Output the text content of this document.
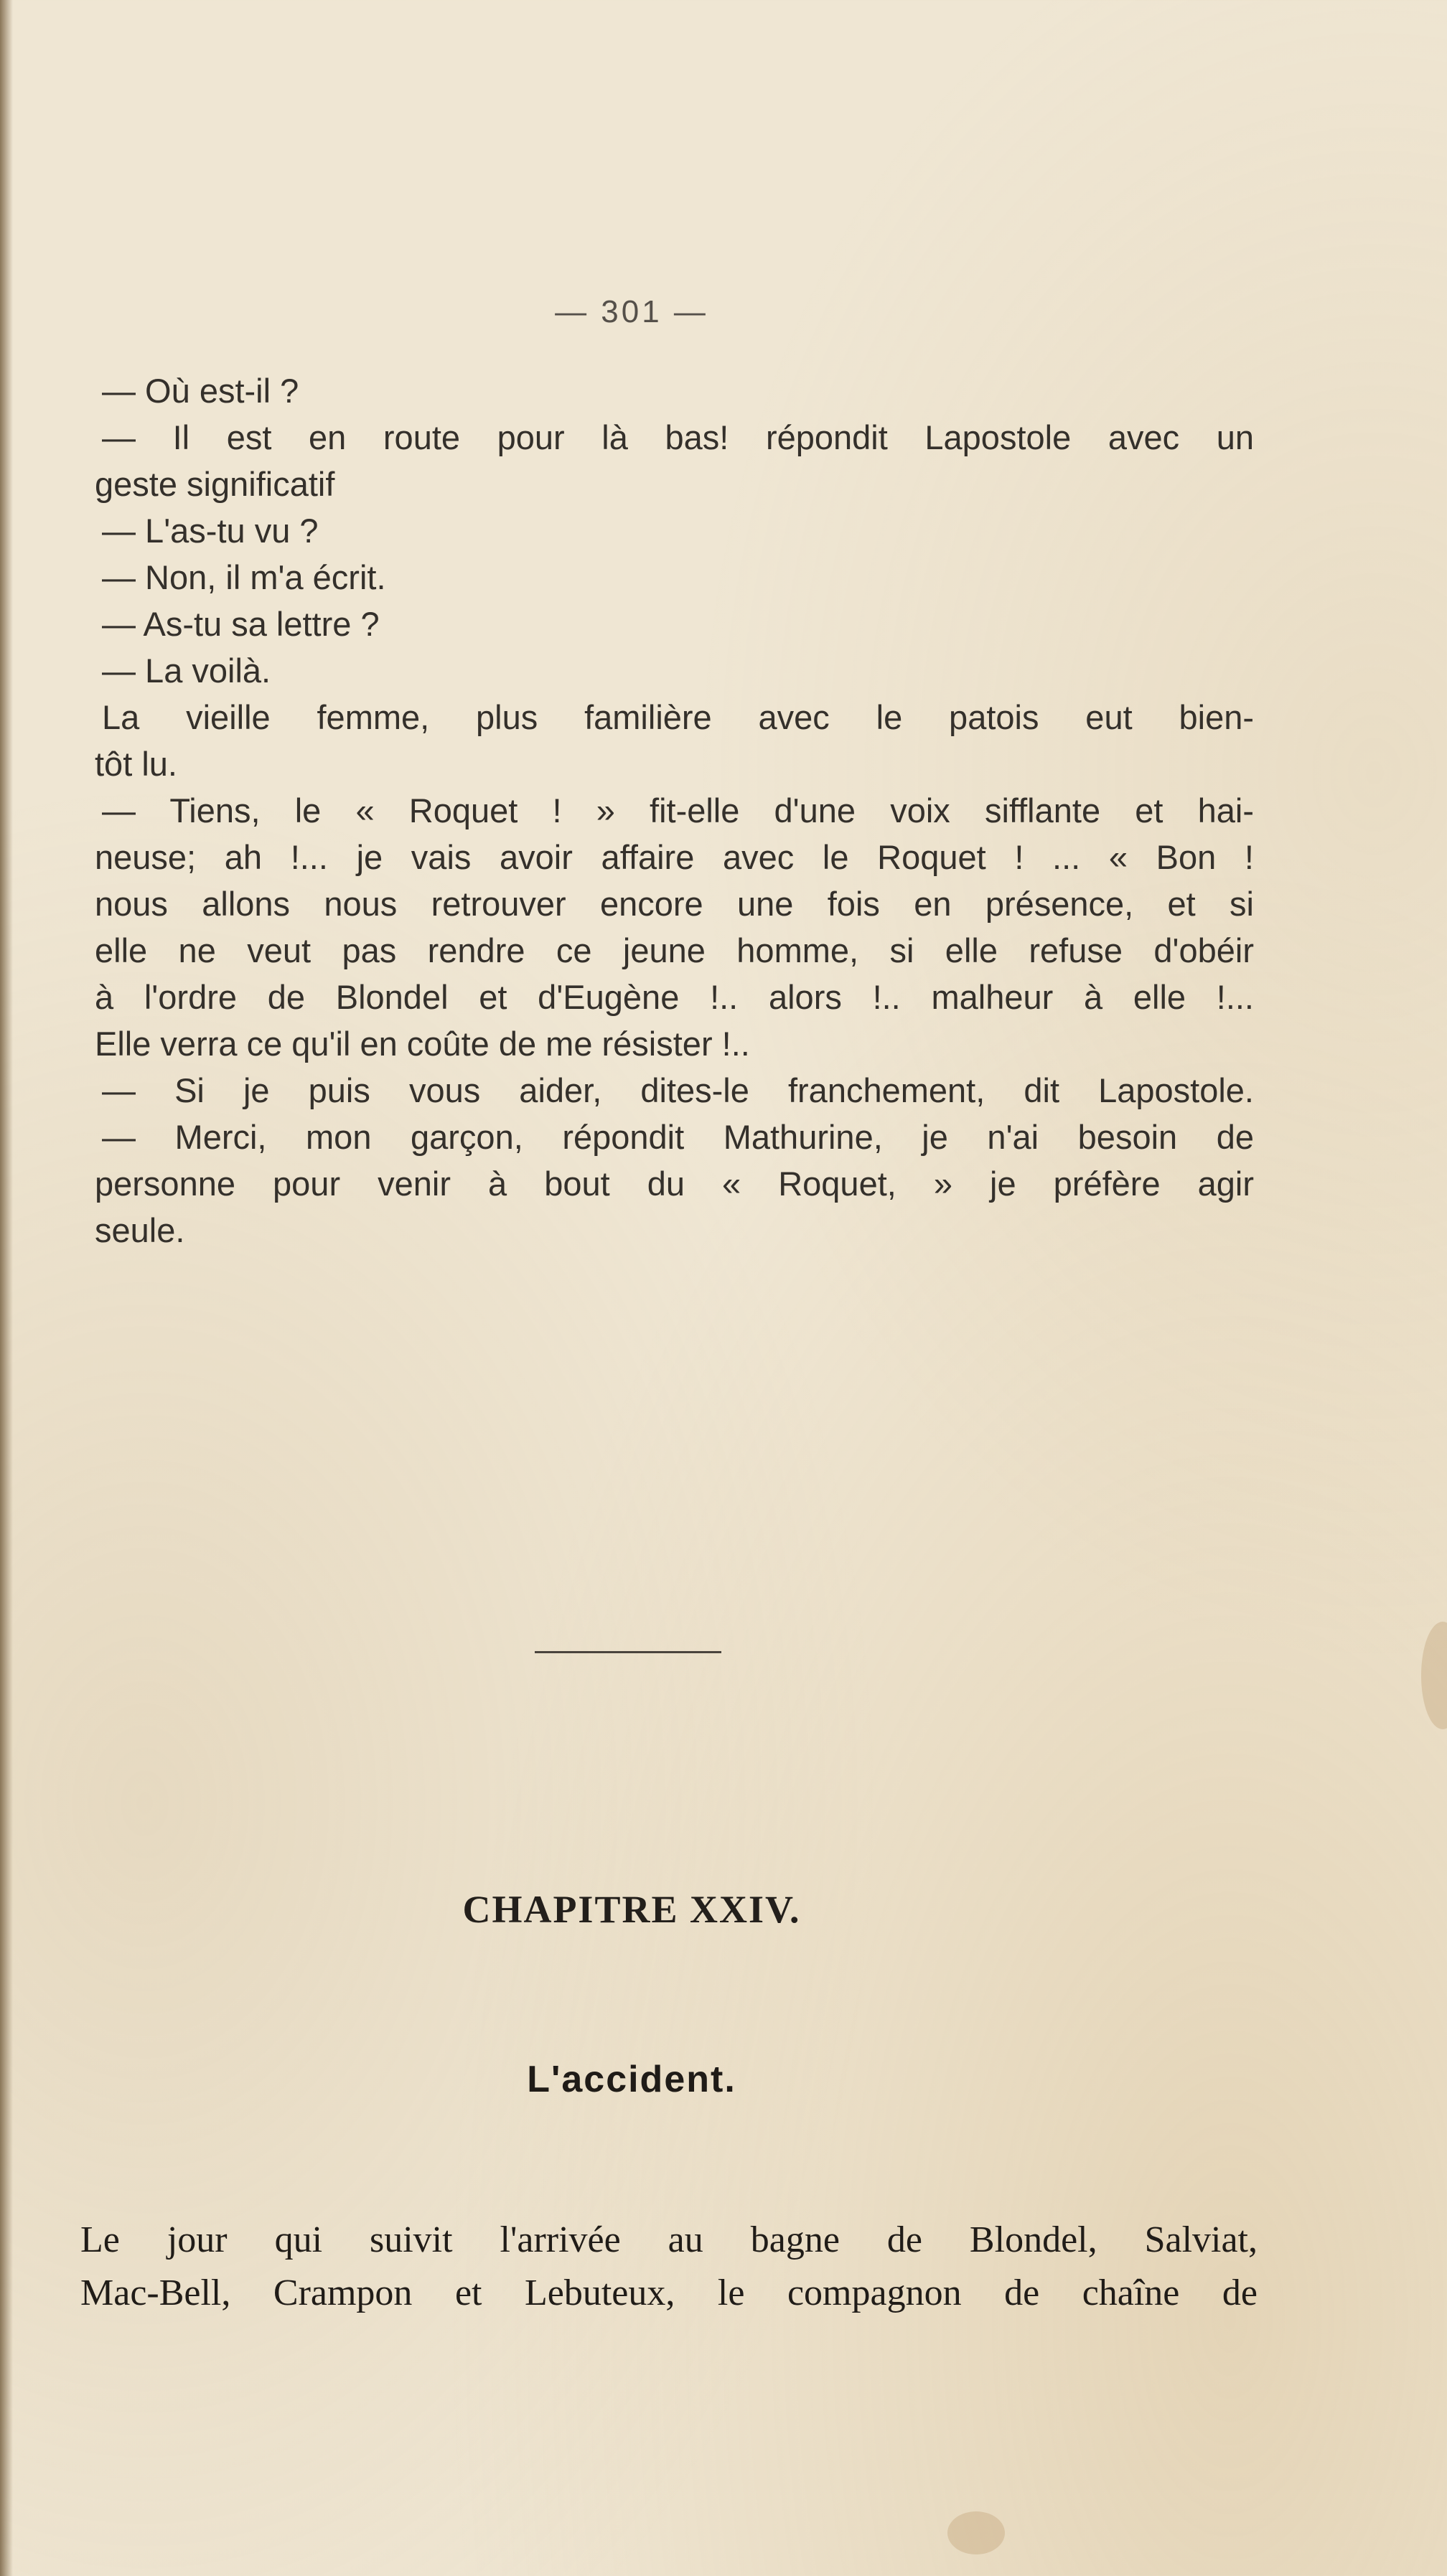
— 301 —
— Où est-il ?
— Il est en route pour là bas! répondit Lapostole avec un
geste significatif
— L'as-tu vu ?
— Non, il m'a écrit.
— As-tu sa lettre ?
— La voilà.
La vieille femme, plus familière avec le patois eut bien-
tôt lu.
— Tiens, le « Roquet ! » fit-elle d'une voix sifflante et hai-
neuse; ah !... je vais avoir affaire avec le Roquet ! ... « Bon !
nous allons nous retrouver encore une fois en présence, et si
elle ne veut pas rendre ce jeune homme, si elle refuse d'obéir
à l'ordre de Blondel et d'Eugène !.. alors !.. malheur à elle !...
Elle verra ce qu'il en coûte de me résister !..
— Si je puis vous aider, dites-le franchement, dit Lapostole.
— Merci, mon garçon, répondit Mathurine, je n'ai besoin de
personne pour venir à bout du « Roquet, » je préfère agir
seule.
CHAPITRE XXIV.
L'accident.
Le jour qui suivit l'arrivée au bagne de Blondel, Salviat,
Mac-Bell, Crampon et Lebuteux, le compagnon de chaîne de
